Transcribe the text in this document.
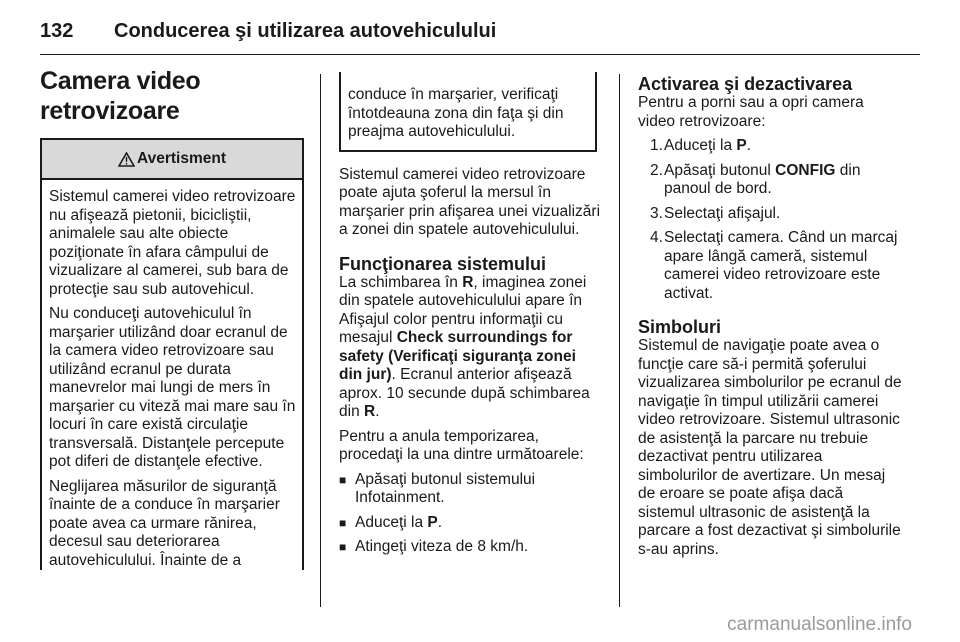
132 Conducerea şi utilizarea autovehiculului
Camera video retrovizoare
Avertisment

Sistemul camerei video retrovizoare nu afişează pietonii, bicicliştii, animalele sau alte obiecte poziţionate în afara câmpului de vizualizare al camerei, sub bara de protecţie sau sub autovehicul.

Nu conduceţi autovehiculul în marşarier utilizând doar ecranul de la camera video retrovizoare sau utilizând ecranul pe durata manevrelor mai lungi de mers în marşarier cu viteză mai mare sau în locuri în care există circulaţie transversală. Distanţele percepute pot diferi de distanţele efective.

Neglijarea măsurilor de siguranţă înainte de a conduce în marşarier poate avea ca urmare rănirea, decesul sau deteriorarea autovehiculului. Înainte de a

conduce în marşarier, verificaţi întotdeauna zona din faţa şi din preajma autovehiculului.

Sistemul camerei video retrovizoare poate ajuta şoferul la mersul în marşarier prin afişarea unei vizualizări a zonei din spatele autovehiculului.

Funcţionarea sistemului

La schimbarea în R, imaginea zonei din spatele autovehiculului apare în Afişajul color pentru informaţii cu mesajul Check surroundings for safety (Verificaţi siguranţa zonei din jur). Ecranul anterior afişează aprox. 10 secunde după schimbarea din R.

Pentru a anula temporizarea, procedaţi la una dintre următoarele:

■ Apăsaţi butonul sistemului Infotainment.
■ Aduceţi la P.
■ Atingeţi viteza de 8 km/h.
Activarea şi dezactivarea

Pentru a porni sau a opri camera video retrovizoare:

1. Aduceţi la P.
2. Apăsaţi butonul CONFIG din panoul de bord.
3. Selectaţi afişajul.
4. Selectaţi camera. Când un marcaj apare lângă cameră, sistemul camerei video retrovizoare este activat.
Simboluri

Sistemul de navigaţie poate avea o funcţie care să-i permită şoferului vizualizarea simbolurilor pe ecranul de navigaţie în timpul utilizării camerei video retrovizoare. Sistemul ultrasonic de asistenţă la parcare nu trebuie dezactivat pentru utilizarea simbolurilor de avertizare. Un mesaj de eroare se poate afişa dacă sistemul ultrasonic de asistenţă la parcare a fost dezactivat şi simbolurile s-au aprins.

carmanualsonline.info
